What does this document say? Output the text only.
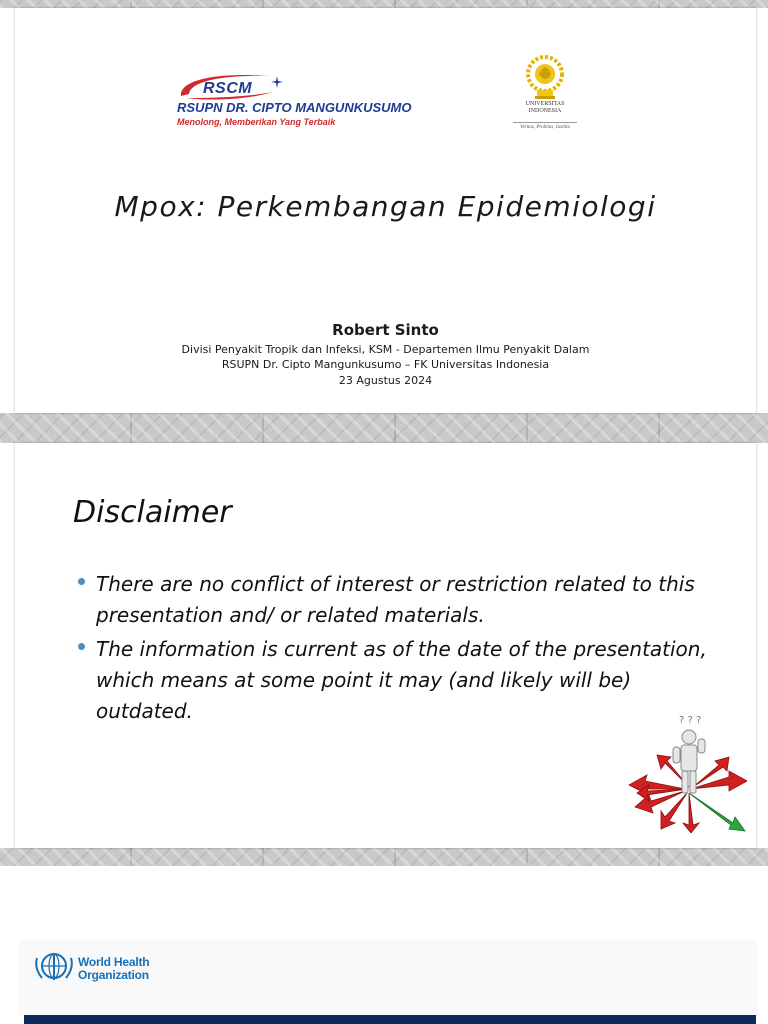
RSCM
RSUPN DR. CIPTO MANGUNKUSUMO
Menolong, Memberikan Yang Terbaik
UNIVERSITAS
INDONESIA
Veritas, Probitas, Iustitia
Mpox: Perkembangan Epidemiologi
Robert Sinto
Divisi Penyakit Tropik dan Infeksi, KSM - Departemen Ilmu Penyakit Dalam
RSUPN Dr. Cipto Mangunkusumo – FK Universitas Indonesia
23 Agustus 2024
Disclaimer
There are no conflict of interest or restriction related to this presentation and/ or related materials.
The information is current as of the date of the presentation, which means at some point it may (and likely will be) outdated.	? ? ?
World Health
Organization
